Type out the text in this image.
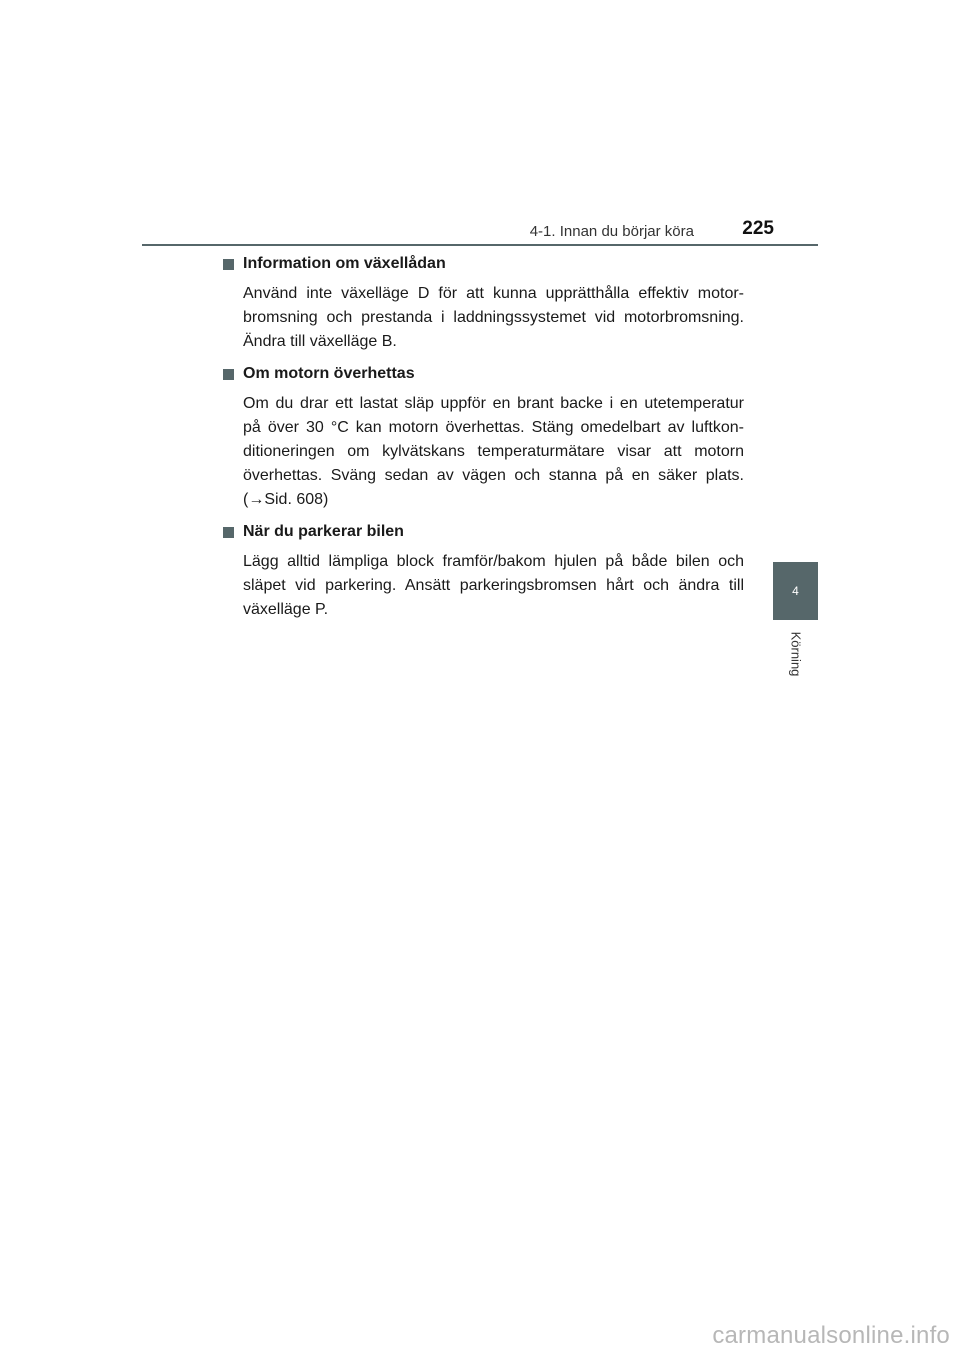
4-1. Innan du börjar köra	225
Information om växellådan
Använd inte växelläge D för att kunna upprätthålla effektiv motor-
bromsning och prestanda i laddningssystemet vid motorbromsning.
Ändra till växelläge B.
Om motorn överhettas
Om du drar ett lastat släp uppför en brant backe i en utetemperatur
på över 30 °C kan motorn överhettas. Stäng omedelbart av luftkon-
ditioneringen om kylvätskans temperaturmätare visar att motorn
överhettas. Sväng sedan av vägen och stanna på en säker plats.
(→Sid. 608)
När du parkerar bilen
Lägg alltid lämpliga block framför/bakom hjulen på både bilen och
släpet vid parkering. Ansätt parkeringsbromsen hårt och ändra till
växelläge P.
4
Körning
carmanualsonline.info
